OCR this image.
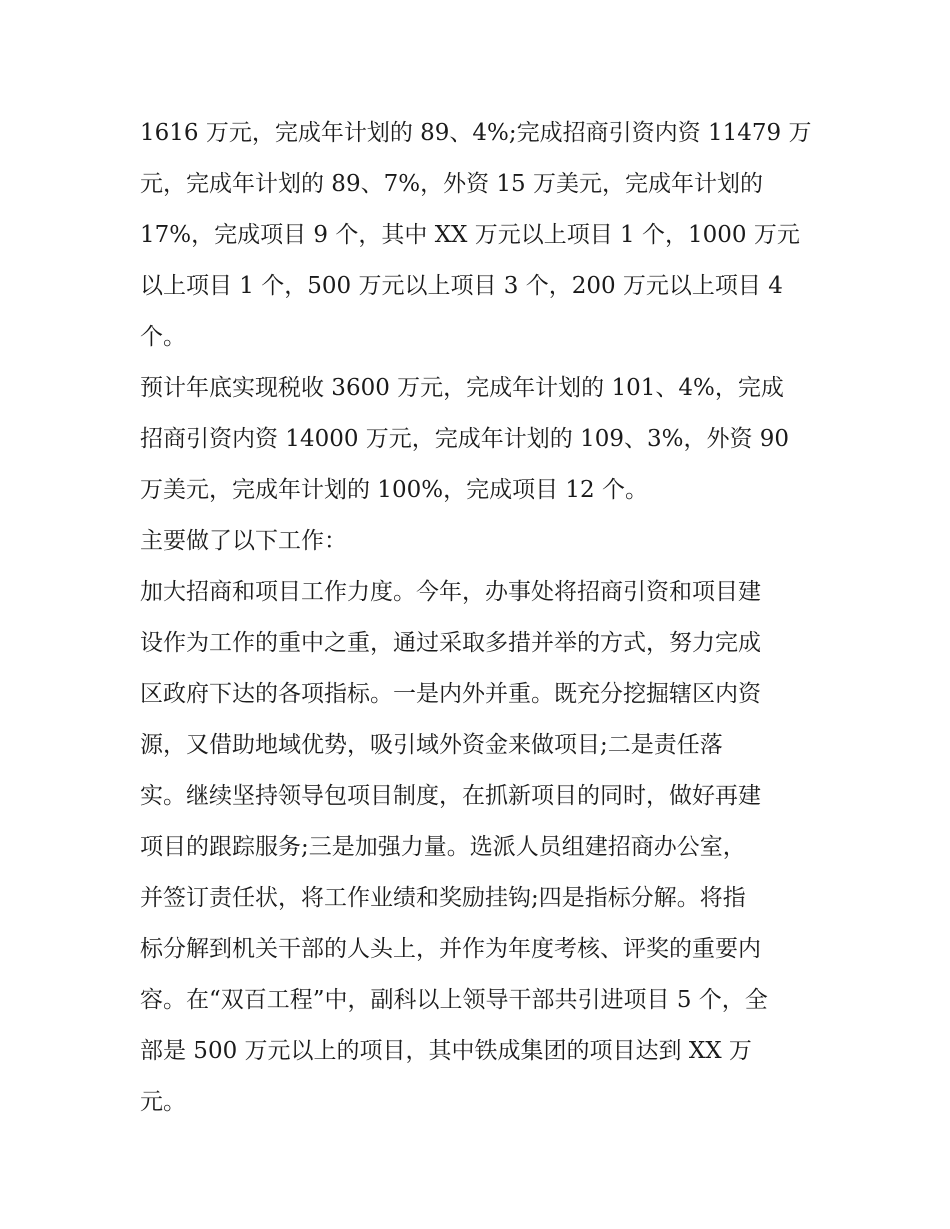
1616 万元，完成年计划的 89、4%;完成招商引资内资 11479 万
元，完成年计划的 89、7%，外资 15 万美元，完成年计划的
17%，完成项目 9 个，其中 XX 万元以上项目 1 个，1000 万元
以上项目 1 个，500 万元以上项目 3 个，200 万元以上项目 4
个。
预计年底实现税收 3600 万元，完成年计划的 101、4%，完成
招商引资内资 14000 万元，完成年计划的 109、3%，外资 90
万美元，完成年计划的 100%，完成项目 12 个。
主要做了以下工作：
加大招商和项目工作力度。今年，办事处将招商引资和项目建
设作为工作的重中之重，通过采取多措并举的方式，努力完成
区政府下达的各项指标。一是内外并重。既充分挖掘辖区内资
源，又借助地域优势，吸引域外资金来做项目;二是责任落
实。继续坚持领导包项目制度，在抓新项目的同时，做好再建
项目的跟踪服务;三是加强力量。选派人员组建招商办公室，
并签订责任状，将工作业绩和奖励挂钩;四是指标分解。将指
标分解到机关干部的人头上，并作为年度考核、评奖的重要内
容。在“双百工程”中，副科以上领导干部共引进项目 5 个，全
部是 500 万元以上的项目，其中铁成集团的项目达到 XX 万
元。
